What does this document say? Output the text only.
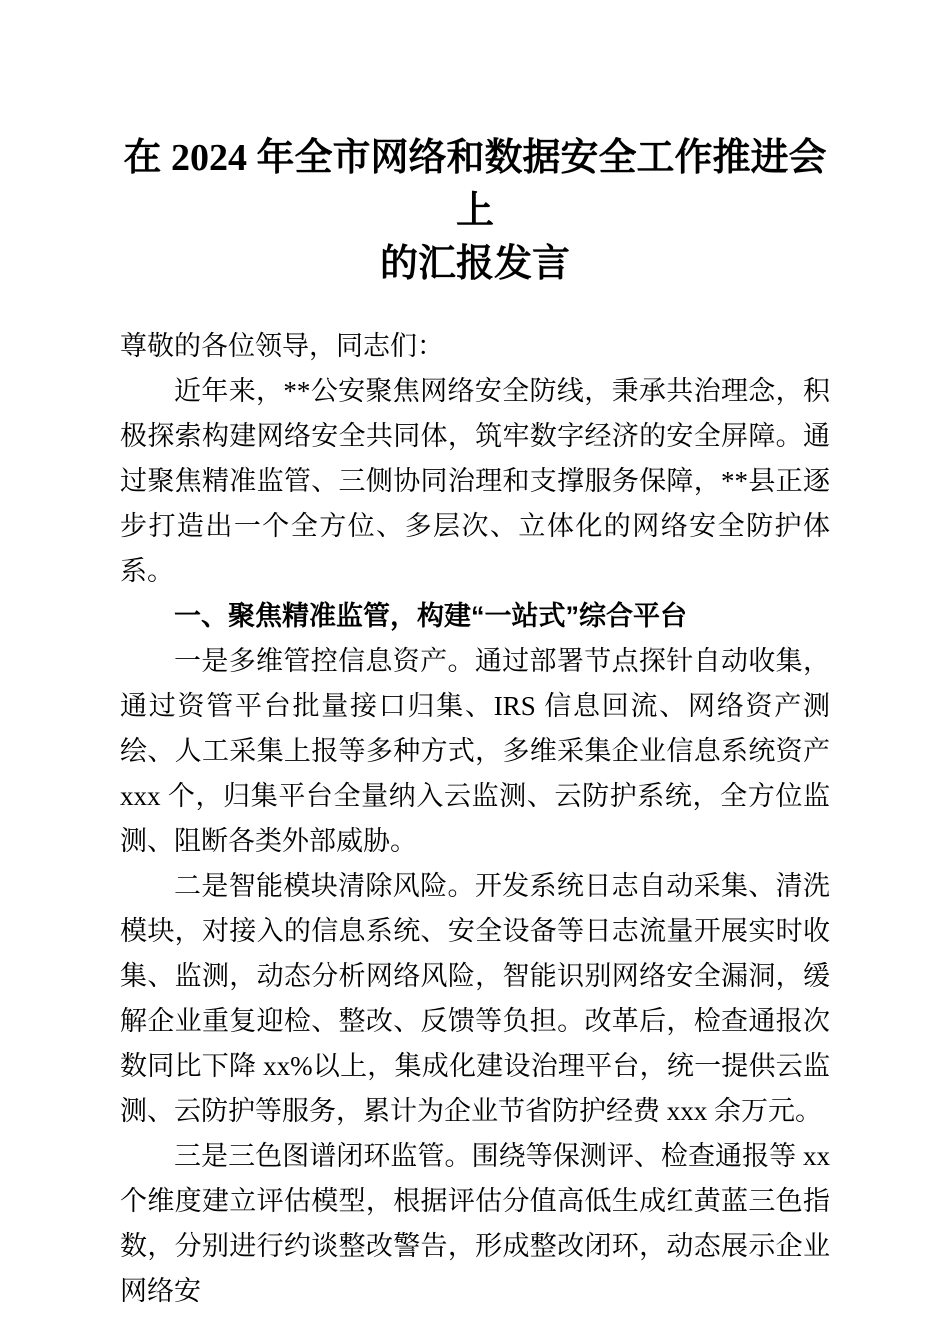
在 2024 年全市网络和数据安全工作推进会上
的汇报发言

尊敬的各位领导，同志们：

近年来，**公安聚焦网络安全防线，秉承共治理念，积极探索构建网络安全共同体，筑牢数字经济的安全屏障。通过聚焦精准监管、三侧协同治理和支撑服务保障，**县正逐步打造出一个全方位、多层次、立体化的网络安全防护体系。

一、聚焦精准监管，构建“一站式”综合平台

一是多维管控信息资产。通过部署节点探针自动收集，通过资管平台批量接口归集、IRS 信息回流、网络资产测绘、人工采集上报等多种方式，多维采集企业信息系统资产 xxx 个，归集平台全量纳入云监测、云防护系统，全方位监测、阻断各类外部威胁。

二是智能模块清除风险。开发系统日志自动采集、清洗模块，对接入的信息系统、安全设备等日志流量开展实时收集、监测，动态分析网络风险，智能识别网络安全漏洞，缓解企业重复迎检、整改、反馈等负担。改革后，检查通报次数同比下降 xx%以上，集成化建设治理平台，统一提供云监测、云防护等服务，累计为企业节省防护经费 xxx 余万元。

三是三色图谱闭环监管。围绕等保测评、检查通报等 xx 个维度建立评估模型，根据评估分值高低生成红黄蓝三色指数，分别进行约谈整改警告，形成整改闭环，动态展示企业网络安
